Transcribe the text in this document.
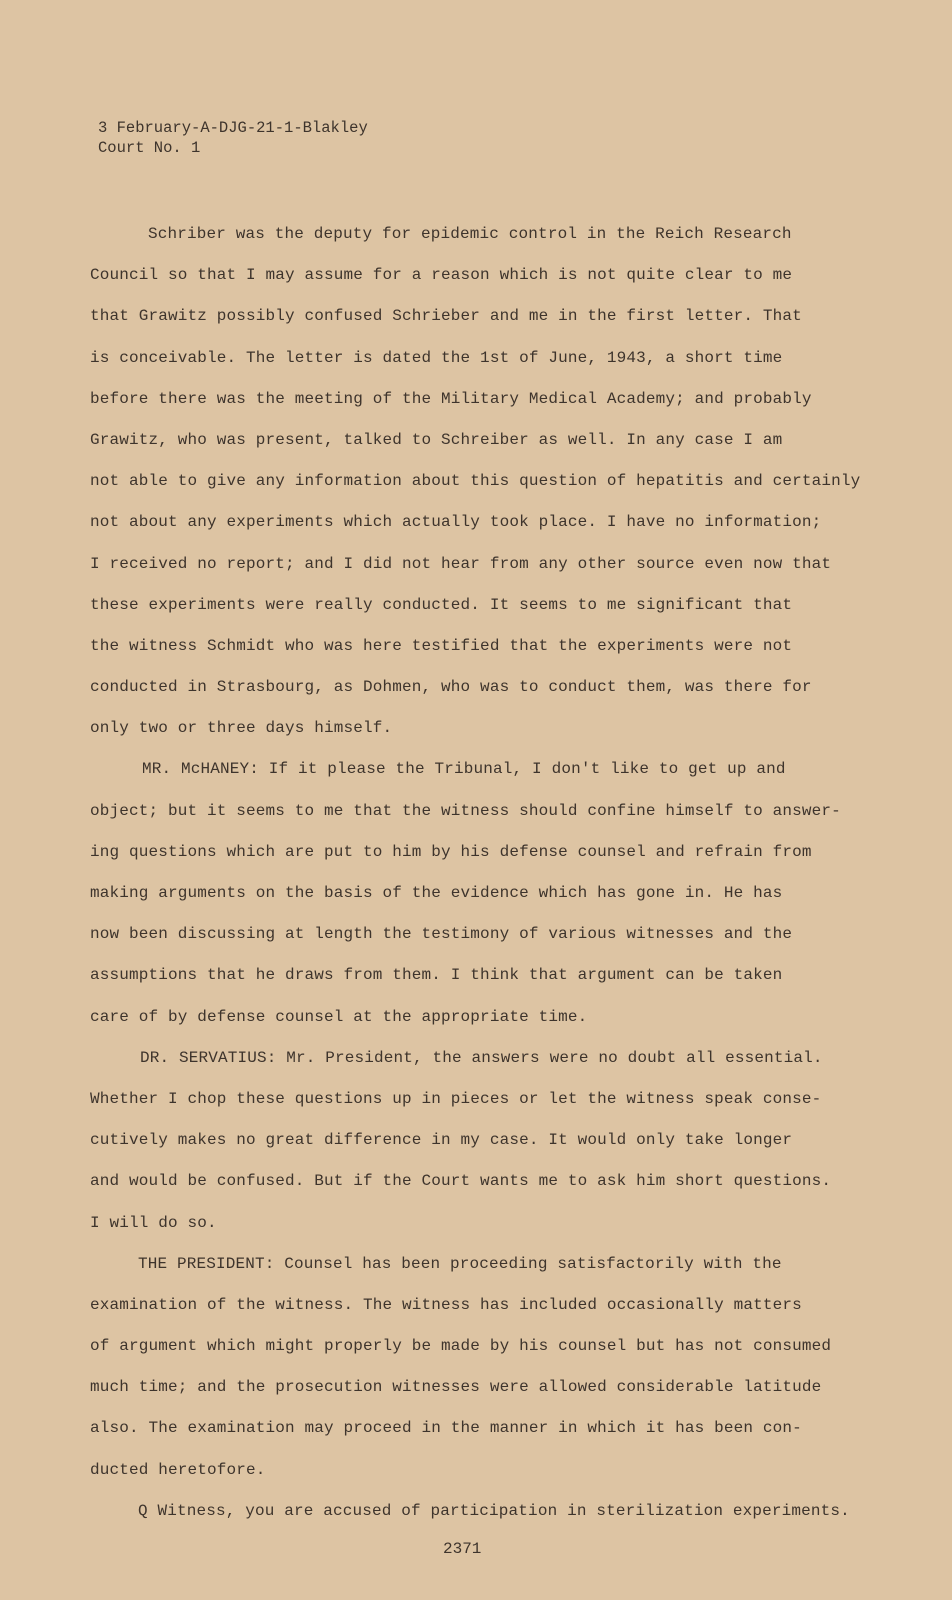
3 February-A-DJG-21-1-Blakley
Court No. 1
Schriber was the deputy for epidemic control in the Reich Research
Council so that I may assume for a reason which is not quite clear to me
that Grawitz possibly confused Schrieber and me in the first letter. That
is conceivable. The letter is dated the 1st of June, 1943, a short time
before there was the meeting of the Military Medical Academy; and probably
Grawitz, who was present, talked to Schreiber as well. In any case I am
not able to give any information about this question of hepatitis and certainly
not about any experiments which actually took place. I have no information;
I received no report; and I did not hear from any other source even now that
these experiments were really conducted. It seems to me significant that
the witness Schmidt who was here testified that the experiments were not
conducted in Strasbourg, as Dohmen, who was to conduct them, was there for
only two or three days himself.
MR. McHANEY: If it please the Tribunal, I don't like to get up and
object; but it seems to me that the witness should confine himself to answer-
ing questions which are put to him by his defense counsel and refrain from
making arguments on the basis of the evidence which has gone in. He has
now been discussing at length the testimony of various witnesses and the
assumptions that he draws from them. I think that argument can be taken
care of by defense counsel at the appropriate time.
DR. SERVATIUS: Mr. President, the answers were no doubt all essential.
Whether I chop these questions up in pieces or let the witness speak conse-
cutively makes no great difference in my case. It would only take longer
and would be confused. But if the Court wants me to ask him short questions.
I will do so.
THE PRESIDENT: Counsel has been proceeding satisfactorily with the
examination of the witness. The witness has included occasionally matters
of argument which might properly be made by his counsel but has not consumed
much time; and the prosecution witnesses were allowed considerable latitude
also. The examination may proceed in the manner in which it has been con-
ducted heretofore.
Q Witness, you are accused of participation in sterilization experiments.
2371
